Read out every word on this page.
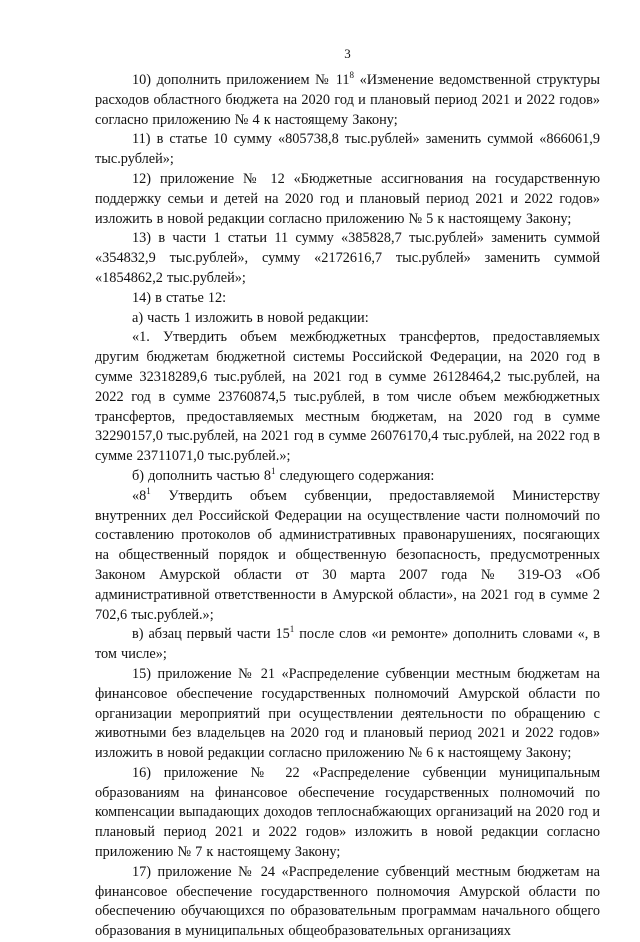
3

10) дополнить приложением № $11^8$ «Изменение ведомственной структуры расходов областного бюджета на 2020 год и плановый период 2021 и 2022 годов» согласно приложению № 4 к настоящему Закону;

11) в статье 10 сумму «805738,8 тыс.рублей» заменить суммой «866061,9 тыс.рублей»;

12) приложение № 12 «Бюджетные ассигнования на государственную поддержку семьи и детей на 2020 год и плановый период 2021 и 2022 годов» изложить в новой редакции согласно приложению № 5 к настоящему Закону;

13) в части 1 статьи 11 сумму «385828,7 тыс.рублей» заменить суммой «354832,9 тыс.рублей», сумму «2172616,7 тыс.рублей» заменить суммой «1854862,2 тыс.рублей»;

14) в статье 12:

а) часть 1 изложить в новой редакции:

«1. Утвердить объем межбюджетных трансфертов, предоставляемых другим бюджетам бюджетной системы Российской Федерации, на 2020 год в сумме 32318289,6 тыс.рублей, на 2021 год в сумме 26128464,2 тыс.рублей, на 2022 год в сумме 23760874,5 тыс.рублей, в том числе объем межбюджетных трансфертов, предоставляемых местным бюджетам, на 2020 год в сумме 32290157,0 тыс.рублей, на 2021 год в сумме 26076170,4 тыс.рублей, на 2022 год в сумме 23711071,0 тыс.рублей.»;

б) дополнить частью $8^1$ следующего содержания:

«$8^1$ Утвердить объем субвенции, предоставляемой Министерству внутренних дел Российской Федерации на осуществление части полномочий по составлению протоколов об административных правонарушениях, посягающих на общественный порядок и общественную безопасность, предусмотренных Законом Амурской области от 30 марта 2007 года № 319-ОЗ «Об административной ответственности в Амурской области», на 2021 год в сумме 2 702,6 тыс.рублей.»;

в) абзац первый части $15^1$ после слов «и ремонте» дополнить словами «, в том числе»;

15) приложение № 21 «Распределение субвенции местным бюджетам на финансовое обеспечение государственных полномочий Амурской области по организации мероприятий при осуществлении деятельности по обращению с животными без владельцев на 2020 год и плановый период 2021 и 2022 годов» изложить в новой редакции согласно приложению № 6 к настоящему Закону;

16) приложение № 22 «Распределение субвенции муниципальным образованиям на финансовое обеспечение государственных полномочий по компенсации выпадающих доходов теплоснабжающих организаций на 2020 год и плановый период 2021 и 2022 годов» изложить в новой редакции согласно приложению № 7 к настоящему Закону;

17) приложение № 24 «Распределение субвенций местным бюджетам на финансовое обеспечение государственного полномочия Амурской области по обеспечению обучающихся по образовательным программам начального общего образования в муниципальных общеобразовательных организациях
